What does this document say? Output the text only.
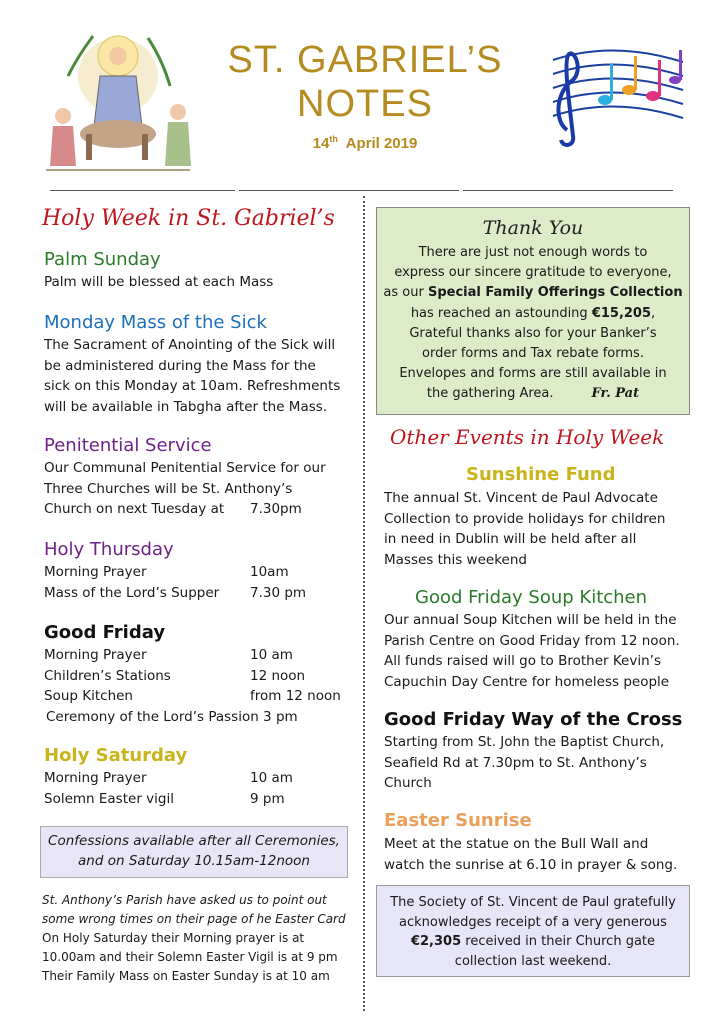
ST. GABRIEL’S
NOTES
14th April 2019
Holy Week in St. Gabriel’s
Palm Sunday
Palm will be blessed at each Mass
Monday Mass of the Sick
The Sacrament of Anointing of the Sick will
be administered during the Mass for the
sick on this Monday at 10am. Refreshments
will be available in Tabgha after the Mass.
Penitential Service
Our Communal Penitential Service for our
Three Churches will be St. Anthony’s
Church on next Tuesday at	7.30pm
Holy Thursday
Morning Prayer	10am
Mass of the Lord’s Supper	7.30 pm
Good Friday
Morning Prayer	10 am
Children’s Stations	12 noon
Soup Kitchen	from 12 noon
Ceremony of the Lord’s Passion 3 pm
Holy Saturday
Morning Prayer	10 am
Solemn Easter vigil	9 pm
Confessions available after all Ceremonies,
and on Saturday 10.15am-12noon
St. Anthony’s Parish have asked us to point out
some wrong times on their page of he Easter Card
On Holy Saturday their Morning prayer is at
10.00am and their Solemn Easter Vigil is at 9 pm
Their Family Mass on Easter Sunday is at 10 am
Thank You
There are just not enough words to
express our sincere gratitude to everyone,
as our Special Family Offerings Collection
has reached an astounding €15,205,
Grateful thanks also for your Banker’s
order forms and Tax rebate forms.
Envelopes and forms are still available in
the gathering Area.	Fr. Pat
Other Events in Holy Week
Sunshine Fund
The annual St. Vincent de Paul Advocate
Collection to provide holidays for children
in need in Dublin will be held after all
Masses this weekend
Good Friday Soup Kitchen
Our annual Soup Kitchen will be held in the
Parish Centre on Good Friday from 12 noon.
All funds raised will go to Brother Kevin’s
Capuchin Day Centre for homeless people
Good Friday Way of the Cross
Starting from St. John the Baptist Church,
Seafield Rd at 7.30pm to St. Anthony’s
Church
Easter Sunrise
Meet at the statue on the Bull Wall and
watch the sunrise at 6.10 in prayer & song.
The Society of St. Vincent de Paul gratefully
acknowledges receipt of a very generous
€2,305 received in their Church gate
collection last weekend.
